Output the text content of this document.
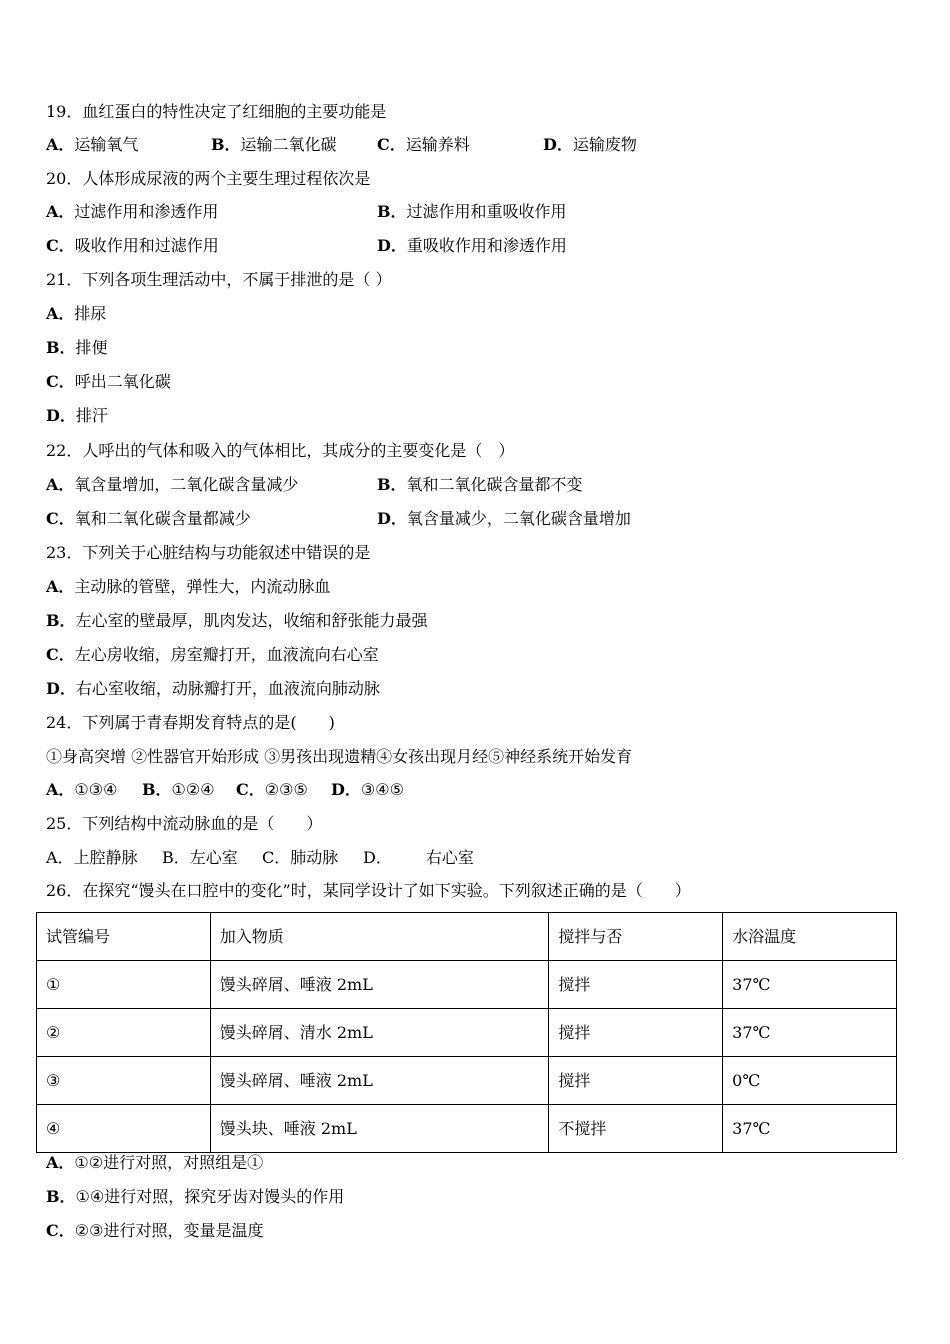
19．血红蛋白的特性决定了红细胞的主要功能是
A．运输氧气	B．运输二氧化碳	C．运输养料	D．运输废物
20．人体形成尿液的两个主要生理过程依次是
A．过滤作用和渗透作用	B．过滤作用和重吸收作用
C．吸收作用和过滤作用	D．重吸收作用和渗透作用
21．下列各项生理活动中，不属于排泄的是（ ）
A．排尿
B．排便
C．呼出二氧化碳
D．排汗
22．人呼出的气体和吸入的气体相比，其成分的主要变化是（　）
A．氧含量增加，二氧化碳含量减少	B．氧和二氧化碳含量都不变
C．氧和二氧化碳含量都减少	D．氧含量减少，二氧化碳含量增加
23．下列关于心脏结构与功能叙述中错误的是
A．主动脉的管壁，弹性大，内流动脉血
B．左心室的壁最厚，肌肉发达，收缩和舒张能力最强
C．左心房收缩，房室瓣打开，血液流向右心室
D．右心室收缩，动脉瓣打开，血液流向肺动脉
24．下列属于青春期发育特点的是(　　)
①身高突增 ②性器官开始形成 ③男孩出现遗精④女孩出现月经⑤神经系统开始发育
A．①③④ B．①②④ C．②③⑤ D．③④⑤
25．下列结构中流动脉血的是（　　）
A．上腔静脉 B．左心室 C．肺动脉 D． 右心室
26．在探究“馒头在口腔中的变化”时，某同学设计了如下实验。下列叙述正确的是（　　）
试管编号	加入物质	搅拌与否	水浴温度
①	馒头碎屑、唾液 2mL	搅拌	37℃
②	馒头碎屑、清水 2mL	搅拌	37℃
③	馒头碎屑、唾液 2mL	搅拌	0℃
④	馒头块、唾液 2mL	不搅拌	37℃
A．①②进行对照，对照组是①
B．①④进行对照，探究牙齿对馒头的作用
C．②③进行对照，变量是温度
